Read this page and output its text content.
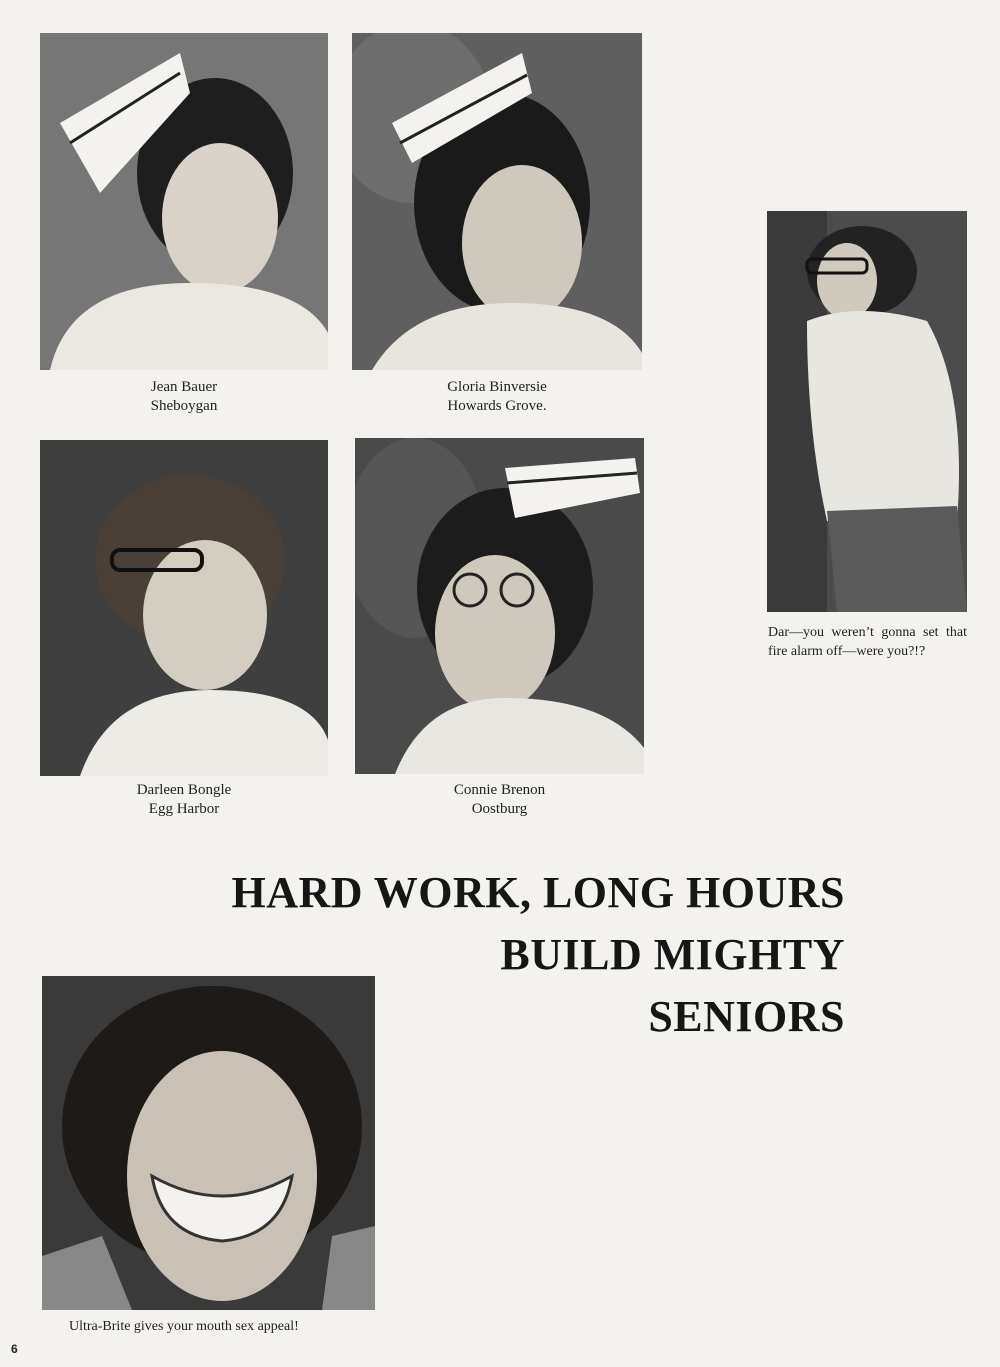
Jean Bauer
Sheboygan
Gloria Binversie
Howards Grove.
Darleen Bongle
Egg Harbor
Connie Brenon
Oostburg
Dar—you weren’t gonna set that fire alarm off—were you?!?
HARD WORK, LONG HOURS
BUILD MIGHTY
SENIORS
Ultra-Brite gives your mouth sex appeal!
6
